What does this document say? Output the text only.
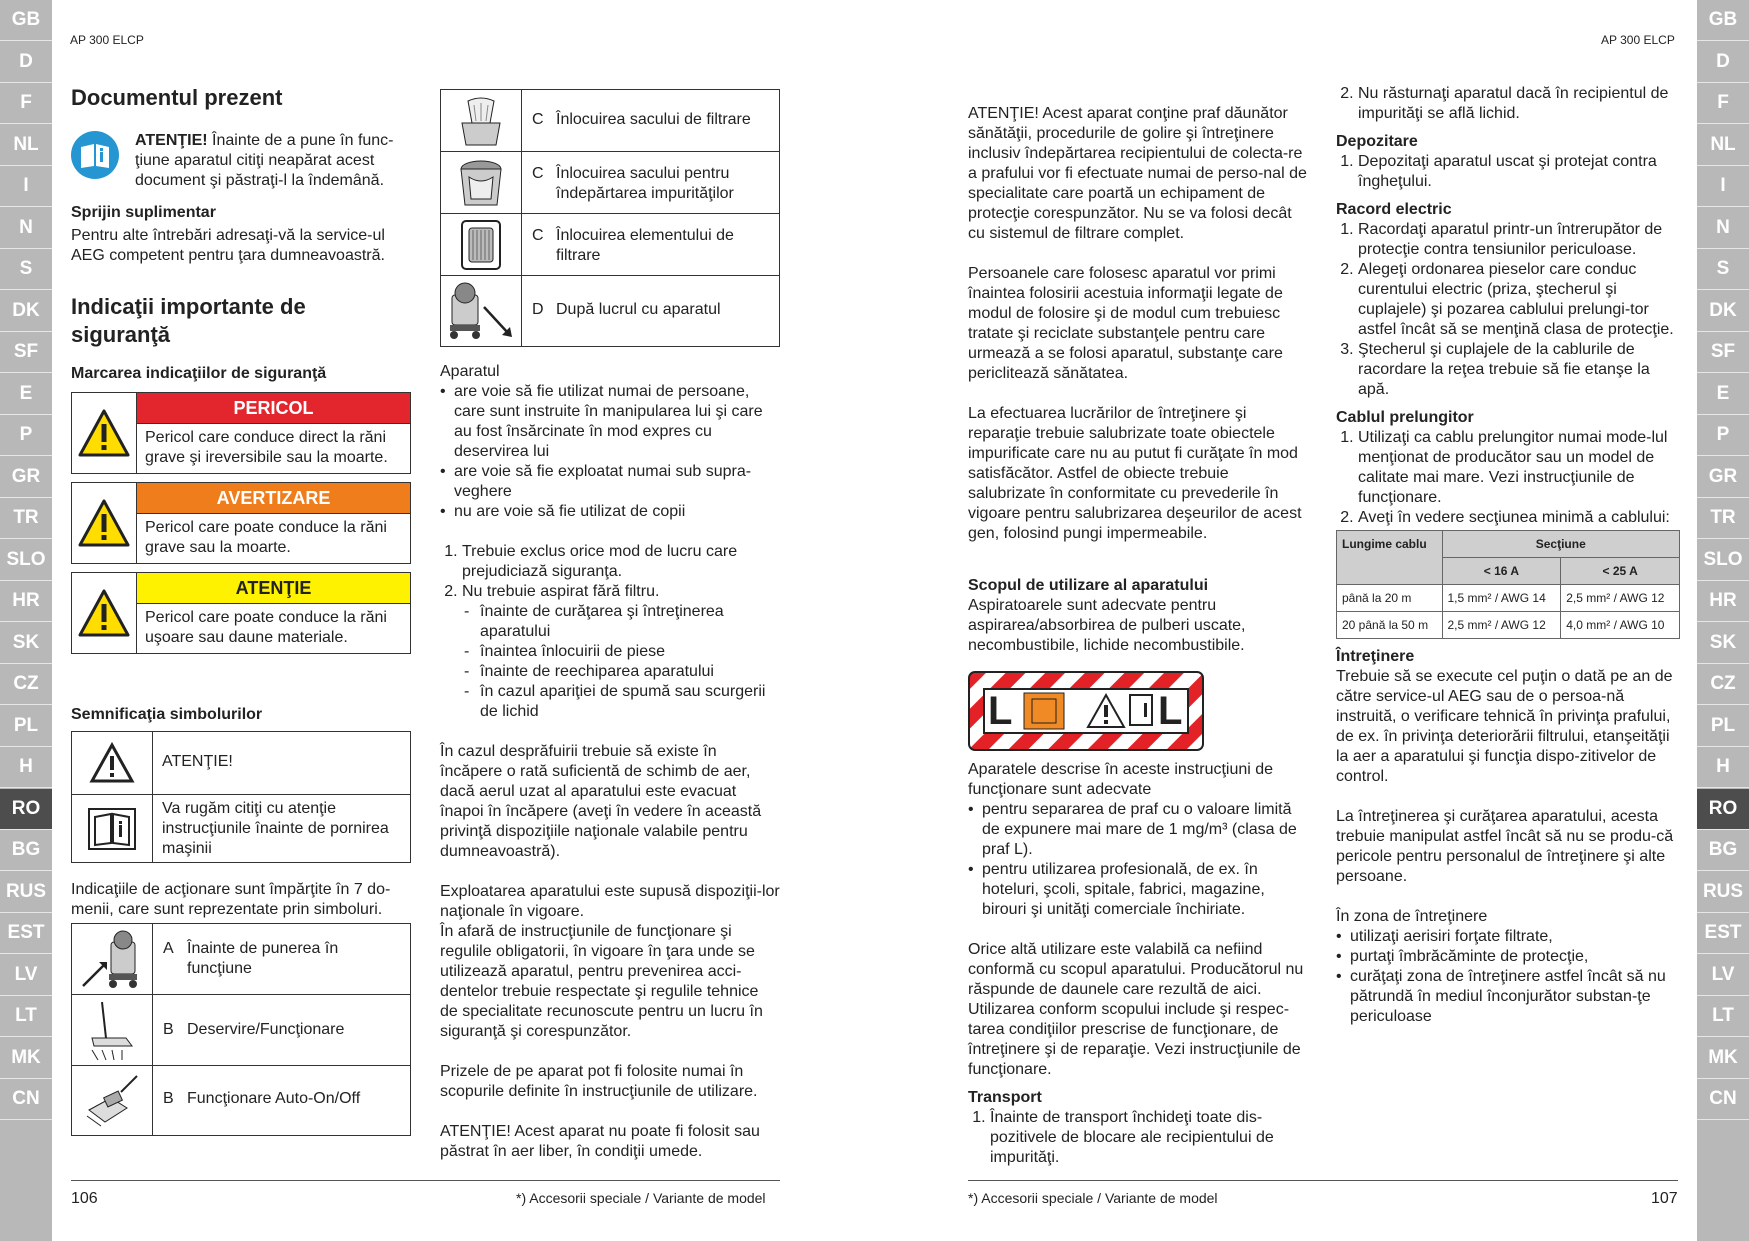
GB
D
F
NL
I
N
S
DK
SF
E
P
GR
TR
SLO
HR
SK
CZ
PL
H
RO
BG
RUS
EST
LV
LT
MK
CN
GB
D
F
NL
I
N
S
DK
SF
E
P
GR
TR
SLO
HR
SK
CZ
PL
H
RO
BG
RUS
EST
LV
LT
MK
CN
AP 300 ELCP	AP 300 ELCP
Documentul prezent
ATENŢIE! Înainte de a pune în func-ţiune aparatul citiţi neapărat acest document şi păstraţi-l la îndemână.
Sprijin suplimentar
Pentru alte întrebări adresaţi-vă la service-ul AEG competent pentru ţara dumneavoastră.
Indicaţii importante de siguranţă
Marcarea indicaţiilor de siguranţă
PERICOL
Pericol care conduce direct la răni grave şi ireversibile sau la moarte.
AVERTIZARE
Pericol care poate conduce la răni grave sau la moarte.
ATENŢIE
Pericol care poate conduce la răni uşoare sau daune materiale.
Semnificaţia simbolurilor
ATENŢIE!
Va rugăm citiţi cu atenţie instrucţiunile înainte de pornirea maşinii
Indicaţiile de acţionare sunt împărţite în 7 do-menii, care sunt reprezentate prin simboluri.
A Înainte de punerea în funcţiune
B Deservire/Funcţionare
B Funcţionare Auto-On/Off
C Înlocuirea sacului de filtrare
C Înlocuirea sacului pentru îndepărtarea impurităţilor
C Înlocuirea elementului de filtrare
D După lucrul cu aparatul
Aparatul
• are voie să fie utilizat numai de persoane, care sunt instruite în manipularea lui şi care au fost însărcinate în mod expres cu deservirea lui
• are voie să fie exploatat numai sub supra-veghere
• nu are voie să fie utilizat de copii
1. Trebuie exclus orice mod de lucru care prejudiciază siguranţa.
2. Nu trebuie aspirat fără filtru.
- înainte de curăţarea şi întreţinerea aparatului
- înaintea înlocuirii de piese
- înainte de reechiparea aparatului
- în cazul apariţiei de spumă sau scurgerii de lichid
În cazul desprăfuirii trebuie să existe în încăpere o rată suficientă de schimb de aer, dacă aerul uzat al aparatului este evacuat înapoi în încăpere (aveţi în vedere în această privinţă dispoziţiile naţionale valabile pentru dumneavoastră).
Exploatarea aparatului este supusă dispoziţii-lor naţionale în vigoare.
În afară de instrucţiunile de funcţionare şi regulile obligatorii, în vigoare în ţara unde se utilizează aparatul, pentru prevenirea acci-dentelor trebuie respectate şi regulile tehnice de specialitate recunoscute pentru un lucru în siguranţă şi corespunzător.
Prizele de pe aparat pot fi folosite numai în scopurile definite în instrucţiunile de utilizare.
ATENŢIE! Acest aparat nu poate fi folosit sau păstrat în aer liber, în condiţii umede.
106	*) Accesorii speciale / Variante de model
ATENŢIE! Acest aparat conţine praf dăunător sănătăţii, procedurile de golire şi întreţinere inclusiv îndepărtarea recipientului de colecta-re a prafului vor fi efectuate numai de perso-nal de specialitate care poartă un echipament de protecţie corespunzător. Nu se va folosi decât cu sistemul de filtrare complet.
Persoanele care folosesc aparatul vor primi înaintea folosirii acestuia informaţii legate de modul de folosire şi de modul cum trebuiesc tratate şi reciclate substanţele pentru care urmează a se folosi aparatul, substanţe care periclitează sănătatea.
La efectuarea lucrărilor de întreţinere şi reparaţie trebuie salubrizate toate obiectele impurificate care nu au putut fi curăţate în mod satisfăcător. Astfel de obiecte trebuie salubrizate în conformitate cu prevederile în vigoare pentru salubrizarea deşeurilor de acest gen, folosind pungi impermeabile.
Scopul de utilizare al aparatului
Aspiratoarele sunt adecvate pentru aspirarea/absorbirea de pulberi uscate, necombustibile, lichide necombustibile.
L	L
Aparatele descrise în aceste instrucţiuni de funcţionare sunt adecvate
• pentru separarea de praf cu o valoare limită de expunere mai mare de 1 mg/m³ (clasa de praf L).
• pentru utilizarea profesională, de ex. în hoteluri, şcoli, spitale, fabrici, magazine, birouri şi unităţi comerciale închiriate.
Orice altă utilizare este valabilă ca nefiind conformă cu scopul aparatului. Producătorul nu răspunde de daunele care rezultă de aici. Utilizarea conform scopului include şi respec-tarea condiţiilor prescrise de funcţionare, de întreţinere şi de reparaţie. Vezi instrucţiunile de funcţionare.
Transport
1. Înainte de transport închideţi toate dis-pozitivele de blocare ale recipientului de impurităţi.
2. Nu răsturnaţi aparatul dacă în recipientul de impurităţi se află lichid.
Depozitare
1. Depozitaţi aparatul uscat şi protejat contra îngheţului.
Racord electric
1. Racordaţi aparatul printr-un întrerupător de protecţie contra tensiunilor periculoase.
2. Alegeţi ordonarea pieselor care conduc curentului electric (priza, ştecherul şi cuplajele) şi pozarea cablului prelungi-tor astfel încât să se menţină clasa de protecţie.
3. Ştecherul şi cuplajele de la cablurile de racordare la reţea trebuie să fie etanşe la apă.
Cablul prelungitor
1. Utilizaţi ca cablu prelungitor numai mode-lul menţionat de producător sau un model de calitate mai mare. Vezi instrucţiunile de funcţionare.
2. Aveţi în vedere secţiunea minimă a cablului:
Lungime cablu	Secţiune	
	< 16 A	< 25 A
până la 20 m	1,5 mm² / AWG 14	2,5 mm² / AWG 12
20 până la 50 m	2,5 mm² / AWG 12	4,0 mm² / AWG 10
Întreţinere
Trebuie să se execute cel puţin o dată pe an de către service-ul AEG sau de o persoa-nă instruită, o verificare tehnică în privinţa prafului, de ex. în privinţa deteriorării filtrului, etanşeităţii la aer a aparatului şi funcţia dispo-zitivelor de control.
La întreţinerea şi curăţarea aparatului, acesta trebuie manipulat astfel încât să nu se produ-că pericole pentru personalul de întreţinere şi alte persoane.
În zona de întreţinere
• utilizaţi aerisiri forţate filtrate,
• purtaţi îmbrăcăminte de protecţie,
• curăţaţi zona de întreţinere astfel încât să nu pătrundă în mediul înconjurător substan-ţe periculoase
*) Accesorii speciale / Variante de model	107
